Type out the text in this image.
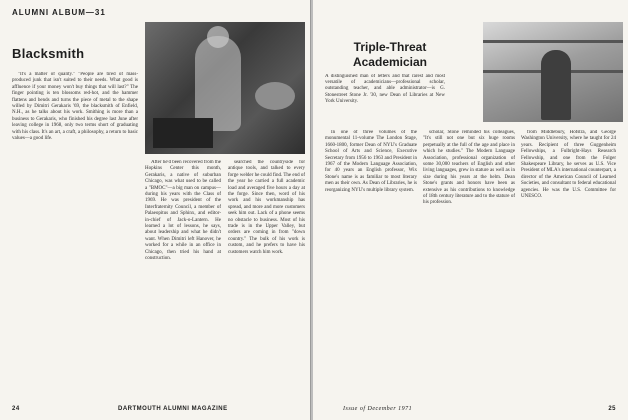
ALUMNI ALBUM—31
Blacksmith

"It's a matter of quality." "People are tired of mass-produced junk that isn't suited to their needs. What good is affluence if your money won't buy things that will last?" The finger pointing is ten blossoms red-hot, and the hammer flattens and bends and turns the piece of metal to the shape willed by Dimitri Gerakaris '69, the blacksmith of Enfield, N.H., as he talks about his work. Smithing is more than a business to Gerakaris, who finished his degree last June after leaving college in 1968, only two terms short of graduating with his class. It's an art, a craft, a philosophy, a return to basic values—a good life.

After he'd been recovered from the Hopkins Center this month, Gerakaris, a native of suburban Chicago, was what used to be called a "BMOC"—a big man on campus—during his years with the Class of 1969. He was president of the Interfraternity Council, a member of Palaeopitus and Sphinx, and editor-in-chief of Jack-o-Lantern. He learned a lot of lessons, he says, about leadership and what he didn't want. When Dimitri left Hanover, he worked for a while in an office in Chicago, then tried his hand at construction.

searched the countryside for antique tools, and talked to every forge welder he could find. The end of the year he carried a full academic load and averaged five hours a day at the forge. Since then, word of his work and his workmanship has spread, and more and more customers seek him out. Lack of a phone seems no obstacle to business. Most of his trade is in the Upper Valley, but orders are coming in from "down country." The bulk of his work is custom, and he prefers to have his customers watch him work.

24	DARTMOUTH ALUMNI MAGAZINE
Triple-Threat
Academician
A distinguished man of letters and that rarest and most versatile of academicians—professional scholar, outstanding teacher, and able administrator—is G. Stonestreet Stone Jr. '30, new Dean of Libraries at New York University.

In one of three volumes of the monumental 11-volume The London Stage, 1660-1800, former Dean of NYU's Graduate School of Arts and Science, Executive Secretary from 1956 to 1963 and President in 1967 of the Modern Language Association, for 40 years an English professor, Wix Stone's name is as familiar to most literary men as their own. As Dean of Libraries, he is reorganizing NYU's multiple library system.

scholar, Stone reminded his colleagues, "It's still not one but six huge rooms perpetually at the full of the age and place in which he studies." The Modern Language Association, professional organization of some 30,000 teachers of English and other living languages, grew in stature as well as in size during his years at the helm. Dean Stone's grants and honors have been as extensive as his contributions to knowledge of 18th century literature and to the stature of his profession.

from Middlebury, Hofstra, and George Washington University, where he taught for 24 years. Recipient of three Guggenheim Fellowships, a Fulbright-Hays Research Fellowship, and one from the Folger Shakespeare Library, he serves as U.S. Vice President of MLA's international counterpart, a director of the American Council of Learned Societies, and consultant to federal educational agencies. He was the U.S. Committee for UNESCO.

Issue of December 1971	25
